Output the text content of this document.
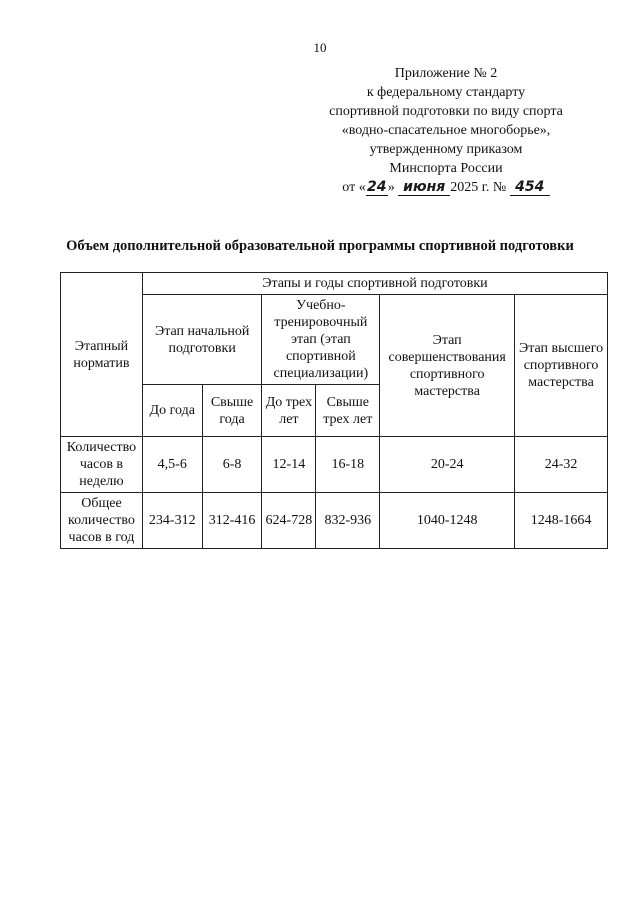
10
Приложение № 2
к федеральному стандарту
спортивной подготовки по виду спорта
«водно-спасательное многоборье»,
утвержденному приказом
Минспорта России
от «24» июня 2025 г. № 454
Объем дополнительной образовательной программы спортивной подготовки
Этапный норматив	Этапы и годы спортивной подготовки					
	Этап начальной подготовки		Учебно-тренировочный этап (этап спортивной специализации)		Этап совершенствования спортивного мастерства	Этап высшего спортивного мастерства
	До года	Свыше года	До трех лет	Свыше трех лет		
Количество часов в неделю	4,5-6	6-8	12-14	16-18	20-24	24-32
Общее количество часов в год	234-312	312-416	624-728	832-936	1040-1248	1248-1664
